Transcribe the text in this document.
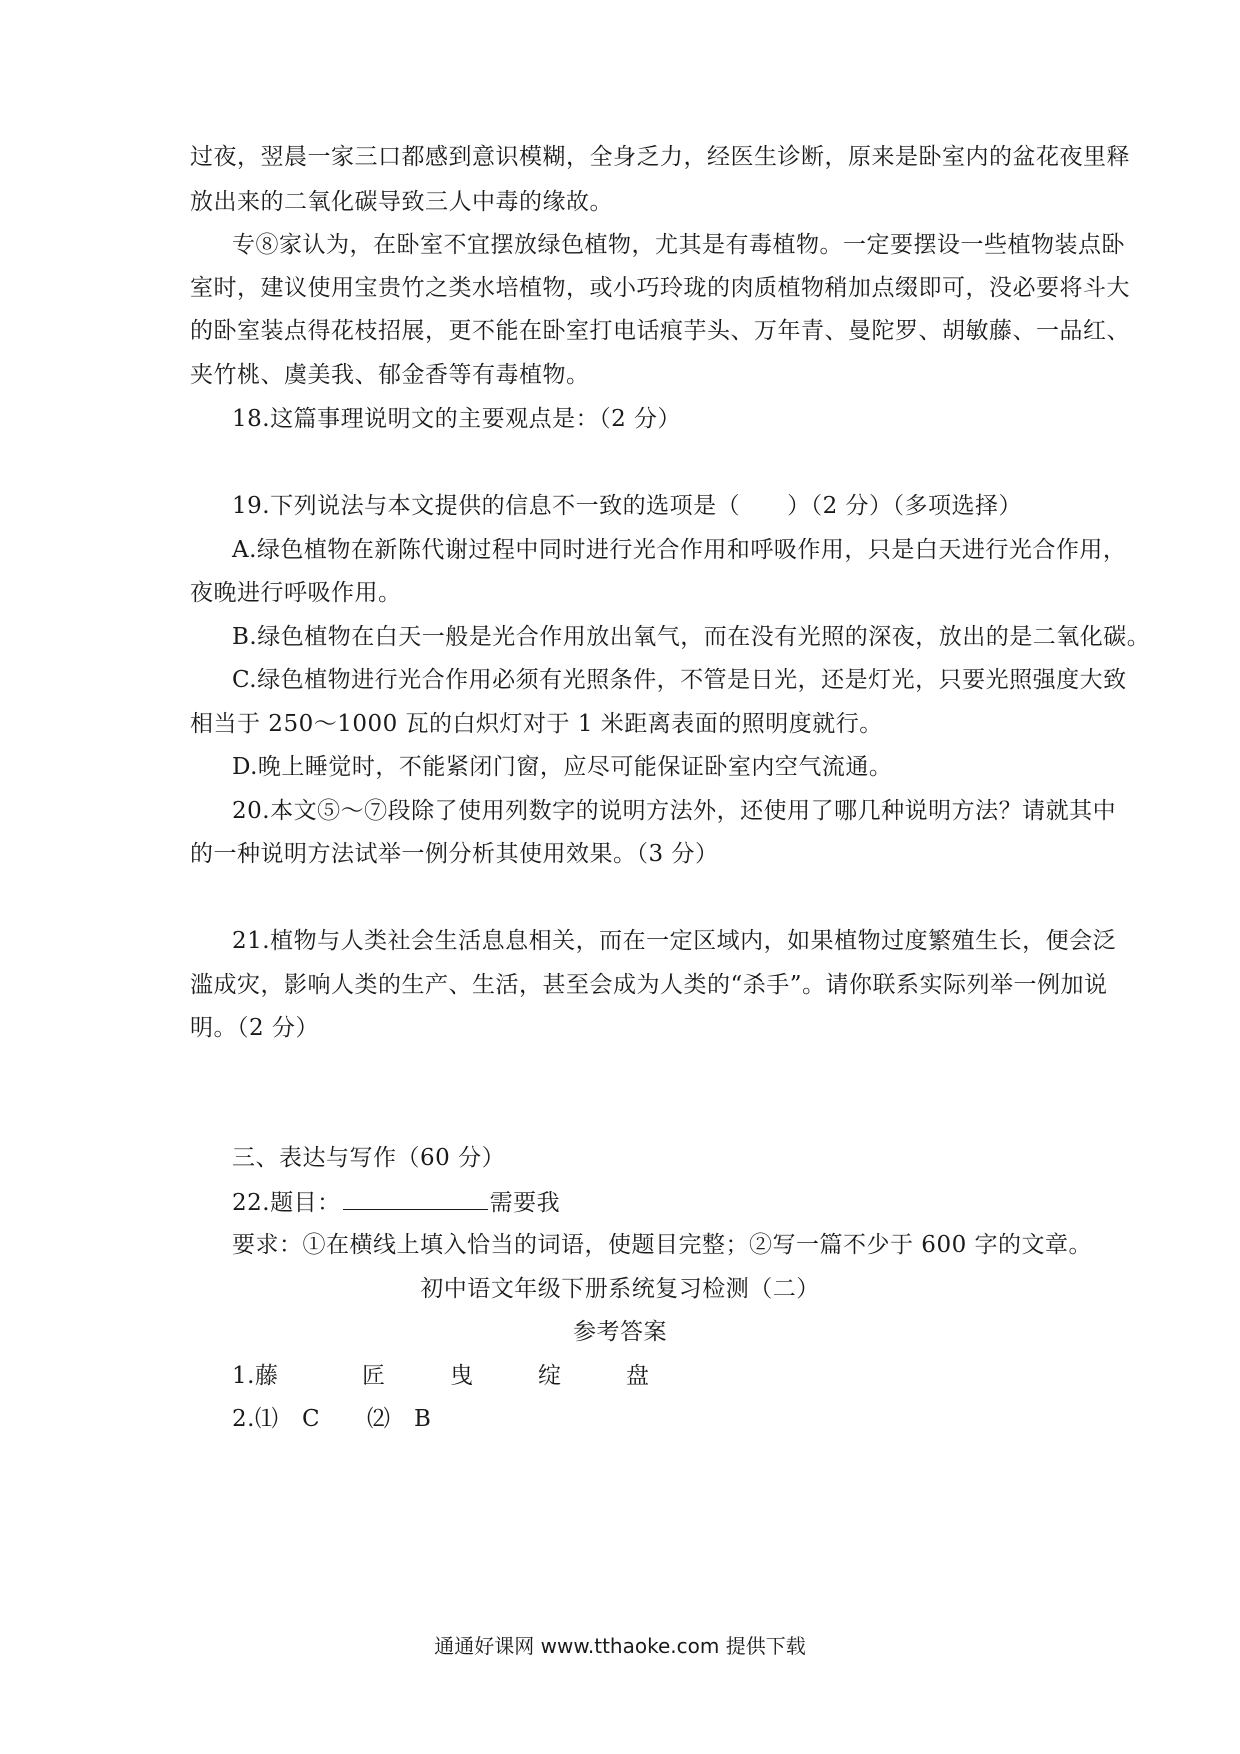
过夜，翌晨一家三口都感到意识模糊，全身乏力，经医生诊断，原来是卧室内的盆花夜里释
放出来的二氧化碳导致三人中毒的缘故。
专⑧家认为，在卧室不宜摆放绿色植物，尤其是有毒植物。一定要摆设一些植物装点卧
室时，建议使用宝贵竹之类水培植物，或小巧玲珑的肉质植物稍加点缀即可，没必要将斗大
的卧室装点得花枝招展，更不能在卧室打电话痕芋头、万年青、曼陀罗、胡敏藤、一品红、
夹竹桃、虞美我、郁金香等有毒植物。
18.这篇事理说明文的主要观点是：（2 分）
19.下列说法与本文提供的信息不一致的选项是（　　）（2 分）（多项选择）
A.绿色植物在新陈代谢过程中同时进行光合作用和呼吸作用，只是白天进行光合作用，
夜晚进行呼吸作用。
B.绿色植物在白天一般是光合作用放出氧气，而在没有光照的深夜，放出的是二氧化碳。
C.绿色植物进行光合作用必须有光照条件，不管是日光，还是灯光，只要光照强度大致
相当于 250～1000 瓦的白炽灯对于 1 米距离表面的照明度就行。
D.晚上睡觉时，不能紧闭门窗，应尽可能保证卧室内空气流通。
20.本文⑤～⑦段除了使用列数字的说明方法外，还使用了哪几种说明方法？请就其中
的一种说明方法试举一例分析其使用效果。（3 分）
21.植物与人类社会生活息息相关，而在一定区域内，如果植物过度繁殖生长，便会泛
滥成灾，影响人类的生产、生活，甚至会成为人类的“杀手”。请你联系实际列举一例加说
明。（2 分）
三、表达与写作（60 分）
22.题目：	需要我
要求：①在横线上填入恰当的词语，使题目完整；②写一篇不少于 600 字的文章。
初中语文年级下册系统复习检测（二）
参考答案
1.藤	匠	曳	绽	盘
2.⑴　C　　⑵　B
通通好课网 www.tthaoke.com 提供下载
